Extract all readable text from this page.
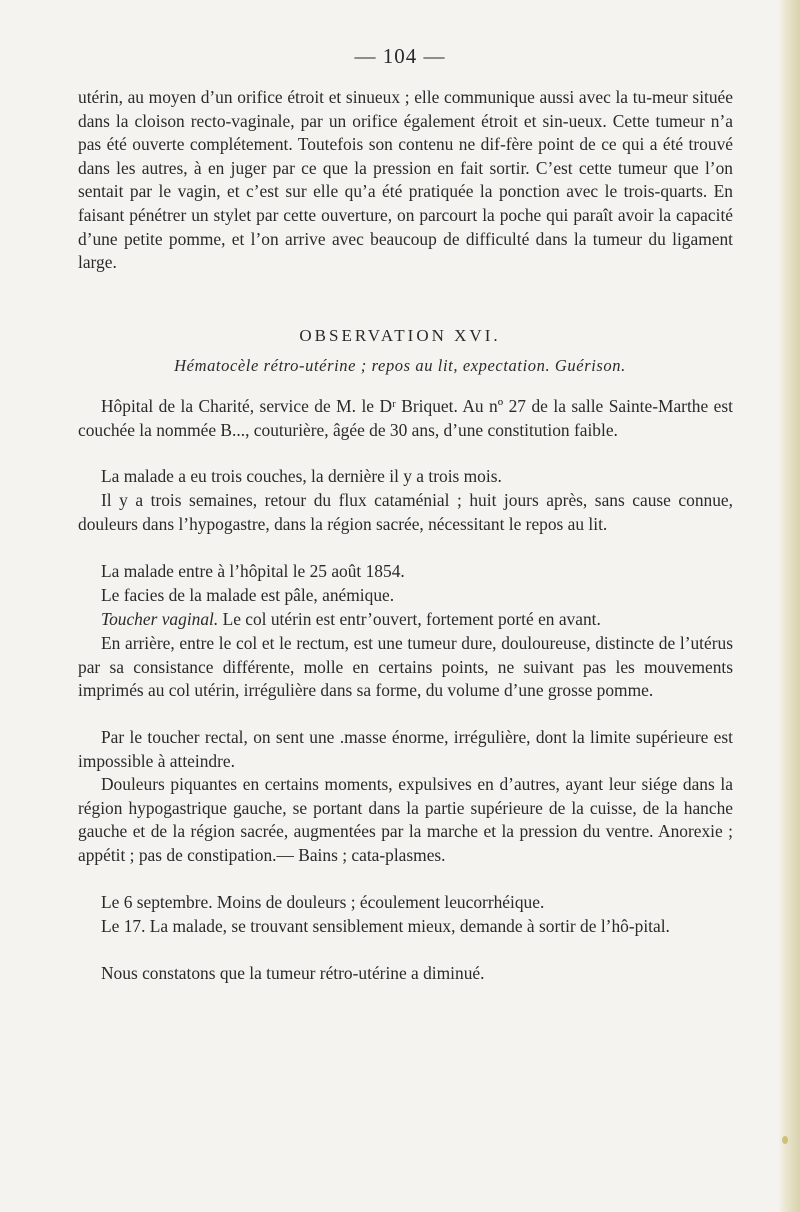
— 104 —

utérin, au moyen d’un orifice étroit et sinueux ; elle communique aussi avec la tu-meur située dans la cloison recto-vaginale, par un orifice également étroit et sin-ueux. Cette tumeur n’a pas été ouverte complétement. Toutefois son contenu ne dif-fère point de ce qui a été trouvé dans les autres, à en juger par ce que la pression en fait sortir. C’est cette tumeur que l’on sentait par le vagin, et c’est sur elle qu’a été pratiquée la ponction avec le trois-quarts. En faisant pénétrer un stylet par cette ouverture, on parcourt la poche qui paraît avoir la capacité d’une petite pomme, et l’on arrive avec beaucoup de difficulté dans la tumeur du ligament large.

OBSERVATION XVI.
Hématocèle rétro-utérine ; repos au lit, expectation. Guérison.

Hôpital de la Charité, service de M. le Dʳ Briquet. Au nº 27 de la salle Sainte-Marthe est couchée la nommée B..., couturière, âgée de 30 ans, d’une constitution faible.

La malade a eu trois couches, la dernière il y a trois mois.

Il y a trois semaines, retour du flux cataménial ; huit jours après, sans cause connue, douleurs dans l’hypogastre, dans la région sacrée, nécessitant le repos au lit.

La malade entre à l’hôpital le 25 août 1854.

Le facies de la malade est pâle, anémique.

Toucher vaginal. Le col utérin est entr’ouvert, fortement porté en avant.

En arrière, entre le col et le rectum, est une tumeur dure, douloureuse, distincte de l’utérus par sa consistance différente, molle en certains points, ne suivant pas les mouvements imprimés au col utérin, irrégulière dans sa forme, du volume d’une grosse pomme.

Par le toucher rectal, on sent une .masse énorme, irrégulière, dont la limite supérieure est impossible à atteindre.

Douleurs piquantes en certains moments, expulsives en d’autres, ayant leur siége dans la région hypogastrique gauche, se portant dans la partie supérieure de la cuisse, de la hanche gauche et de la région sacrée, augmentées par la marche et la pression du ventre. Anorexie ; appétit ; pas de constipation.— Bains ; cata-plasmes.

Le 6 septembre. Moins de douleurs ; écoulement leucorrhéique.

Le 17. La malade, se trouvant sensiblement mieux, demande à sortir de l’hô-pital.

Nous constatons que la tumeur rétro-utérine a diminué.
